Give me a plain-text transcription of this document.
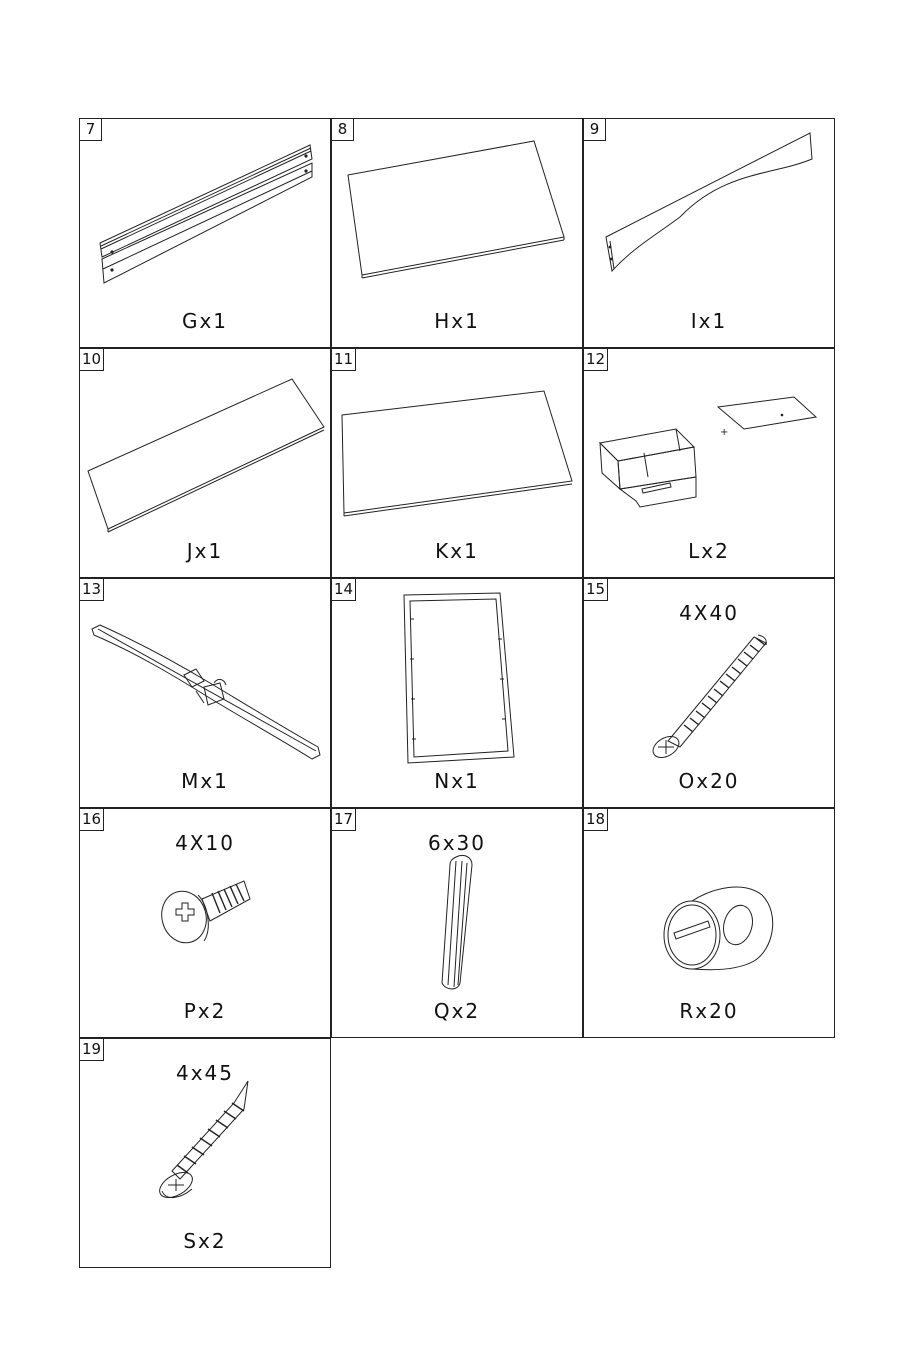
7
Gx1
8
Hx1
9
Ix1
10
Jx1
11
Kx1
12
+
Lx2
13
Mx1
14
Nx1
15
4X40
Ox20
16
4X10
Px2
17
6x30
Qx2
18
Rx20
19
4x45
Sx2
